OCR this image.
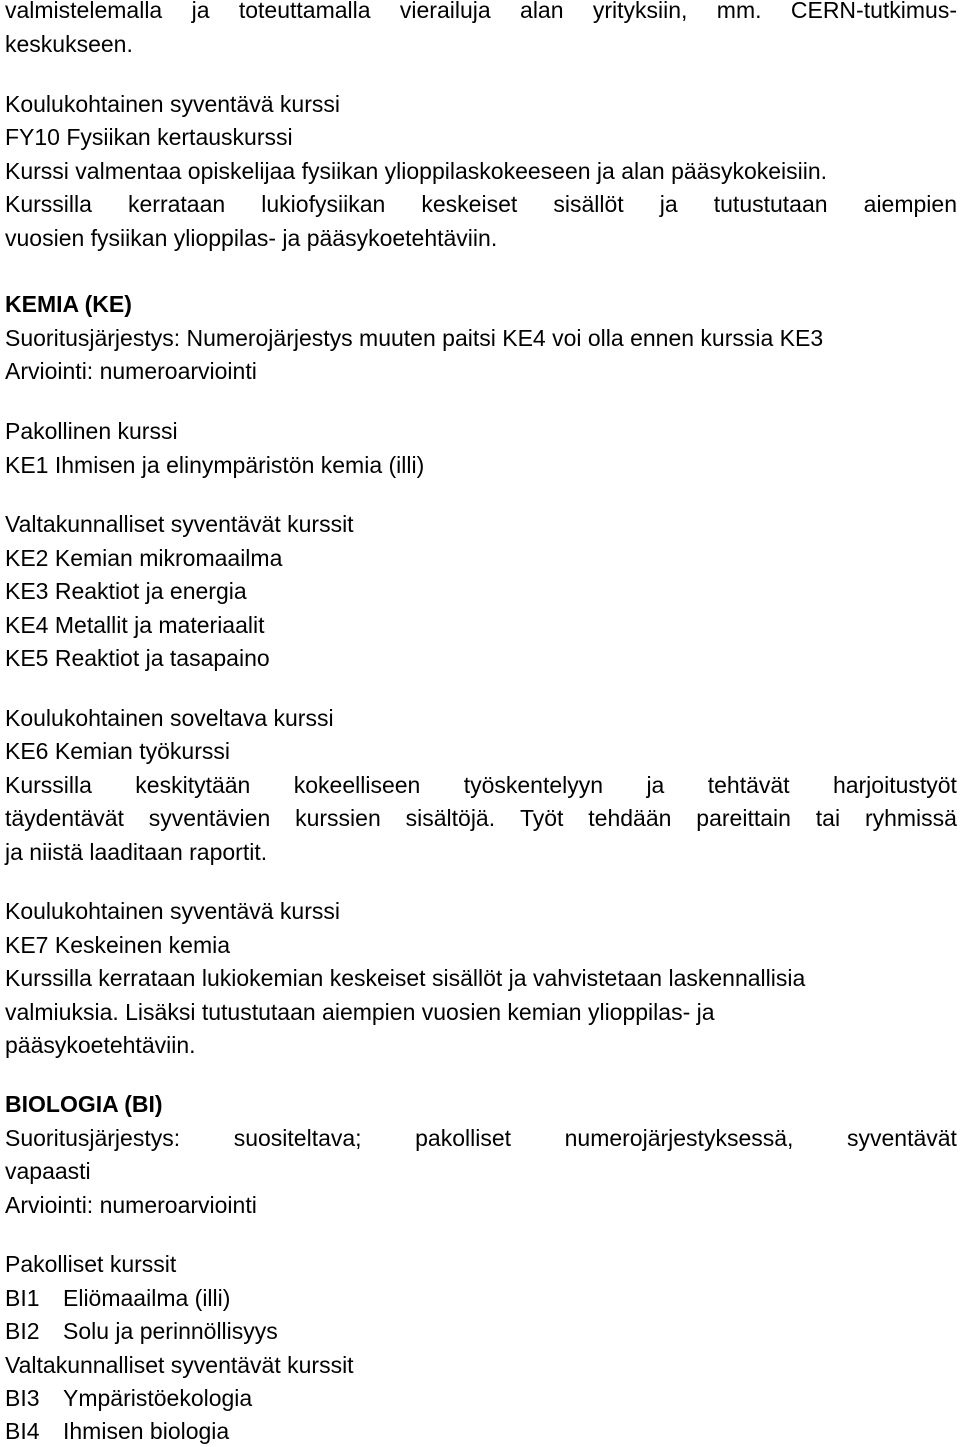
valmistelemalla ja toteuttamalla vierailuja alan yrityksiin, mm. CERN-tutkimus-
keskukseen.
Koulukohtainen syventävä kurssi
FY10 Fysiikan kertauskurssi
Kurssi valmentaa opiskelijaa fysiikan ylioppilaskokeeseen ja alan pääsykokeisiin.
Kurssilla kerrataan lukiofysiikan keskeiset sisällöt ja tutustutaan aiempien
vuosien fysiikan ylioppilas- ja pääsykoetehtäviin.
KEMIA (KE)
Suoritusjärjestys: Numerojärjestys muuten paitsi KE4 voi olla ennen kurssia KE3
Arviointi: numeroarviointi
Pakollinen kurssi
KE1 Ihmisen ja elinympäristön kemia (illi)
Valtakunnalliset syventävät kurssit
KE2 Kemian mikromaailma
KE3 Reaktiot ja energia
KE4 Metallit ja materiaalit
KE5 Reaktiot ja tasapaino
Koulukohtainen soveltava kurssi
KE6 Kemian työkurssi
Kurssilla keskitytään kokeelliseen työskentelyyn ja tehtävät harjoitustyöt
täydentävät syventävien kurssien sisältöjä. Työt tehdään pareittain tai ryhmissä
ja niistä laaditaan raportit.
Koulukohtainen syventävä kurssi
KE7 Keskeinen kemia
Kurssilla kerrataan lukiokemian keskeiset sisällöt ja vahvistetaan laskennallisia
valmiuksia. Lisäksi tutustutaan aiempien vuosien kemian ylioppilas- ja
pääsykoetehtäviin.
BIOLOGIA (BI)
Suoritusjärjestys: suositeltava; pakolliset numerojärjestyksessä, syventävät
vapaasti
Arviointi: numeroarviointi
Pakolliset kurssit
BI1 Eliömaailma (illi)
BI2 Solu ja perinnöllisyys
Valtakunnalliset syventävät kurssit
BI3 Ympäristöekologia
BI4 Ihmisen biologia
